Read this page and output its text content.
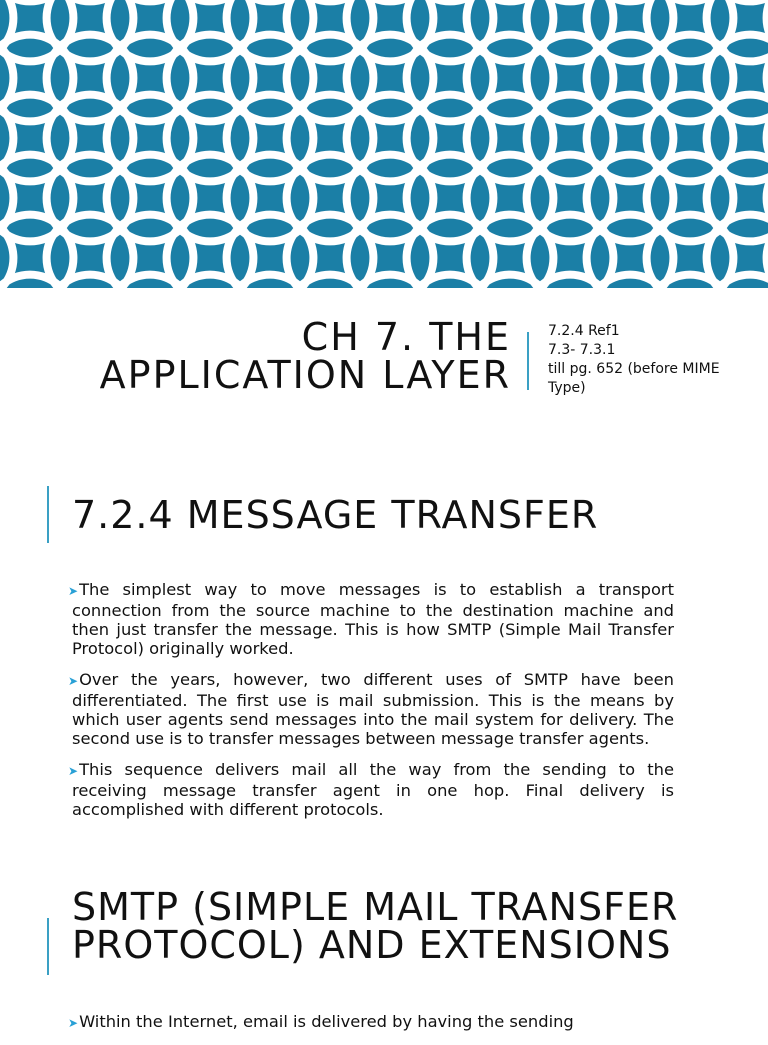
CH 7. THE APPLICATION LAYER
7.2.4 Ref1
7.3- 7.3.1
till pg. 652 (before MIME Type)
7.2.4 MESSAGE TRANSFER
➤The simplest way to move messages is to establish a transport connection from the source machine to the destination machine and then just transfer the message. This is how SMTP (Simple Mail Transfer Protocol) originally worked.
➤Over the years, however, two different uses of SMTP have been differentiated. The first use is mail submission. This is the means by which user agents send messages into the mail system for delivery. The second use is to transfer messages between message transfer agents.
➤This sequence delivers mail all the way from the sending to the receiving message transfer agent in one hop. Final delivery is accomplished with different protocols.
SMTP (SIMPLE MAIL TRANSFER PROTOCOL) AND EXTENSIONS
➤Within the Internet, email is delivered by having the sending
